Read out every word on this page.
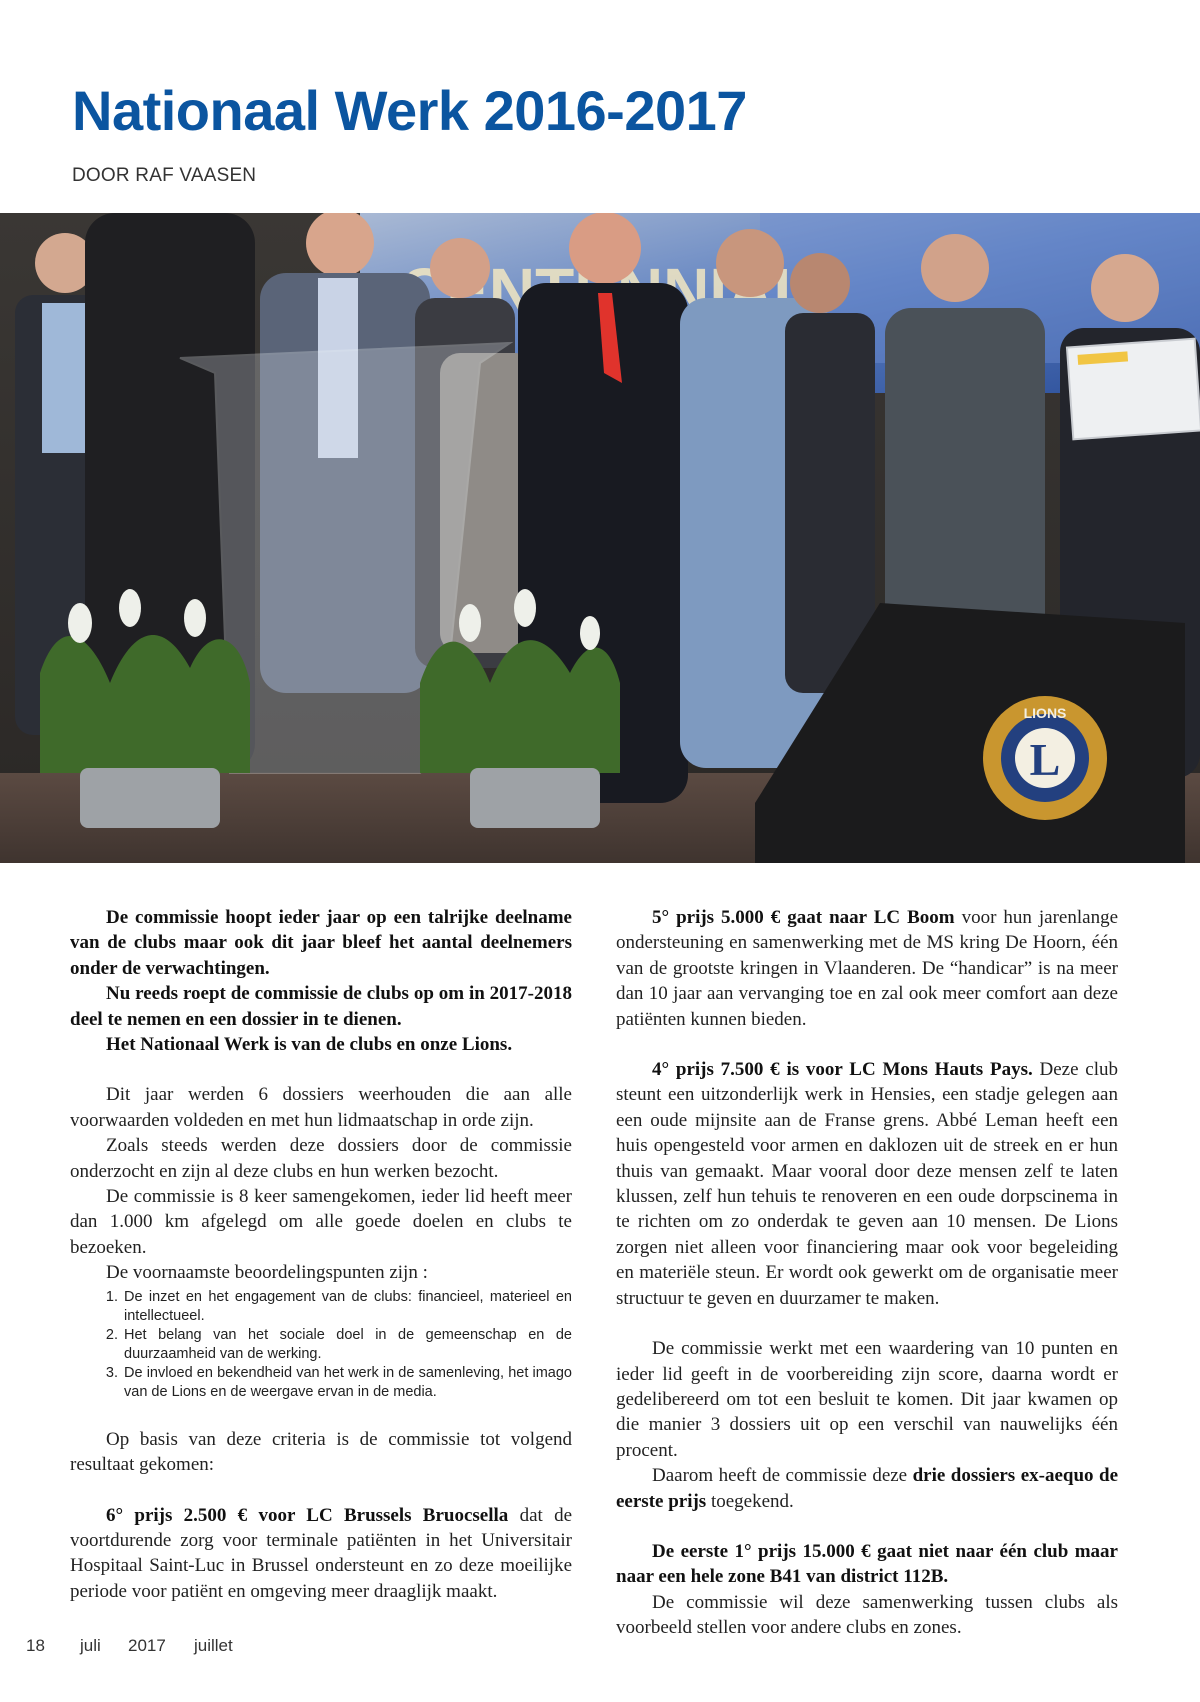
Nationaal Werk 2016-2017
DOOR RAF VAASEN
L
LIONS

De commissie hoopt ieder jaar op een talrijke deelname van de clubs maar ook dit jaar bleef het aantal deelnemers onder de verwachtingen.

Nu reeds roept de commissie de clubs op om in 2017-2018 deel te nemen en een dossier in te dienen.

Het Nationaal Werk is van de clubs en onze Lions.

Dit jaar werden 6 dossiers weerhouden die aan alle voorwaarden voldeden en met hun lidmaatschap in orde zijn.

Zoals steeds werden deze dossiers door de commissie onderzocht en zijn al deze clubs en hun werken bezocht.

De commissie is 8 keer samengekomen, ieder lid heeft meer dan 1.000 km afgelegd om alle goede doelen en clubs te bezoeken.

De voornaamste beoordelingspunten zijn :

1. De inzet en het engagement van de clubs: financieel, materieel en intellectueel.
2. Het belang van het sociale doel in de gemeenschap en de duurzaamheid van de werking.
3. De invloed en bekendheid van het werk in de samenleving, het imago van de Lions en de weergave ervan in de media.

Op basis van deze criteria is de commissie tot volgend resultaat gekomen:

6° prijs 2.500 € voor LC Brussels Bruocsella dat de voortdurende zorg voor terminale patiënten in het Universitair Hospitaal Saint-Luc in Brussel ondersteunt en zo deze moeilijke periode voor patiënt en omgeving meer draaglijk maakt.

5° prijs 5.000 € gaat naar LC Boom voor hun jarenlange ondersteuning en samenwerking met de MS kring De Hoorn, één van de grootste kringen in Vlaanderen. De “handicar” is na meer dan 10 jaar aan vervanging toe en zal ook meer comfort aan deze patiënten kunnen bieden.

4° prijs 7.500 € is voor LC Mons Hauts Pays. Deze club steunt een uitzonderlijk werk in Hensies, een stadje gelegen aan een oude mijnsite aan de Franse grens. Abbé Leman heeft een huis opengesteld voor armen en daklozen uit de streek en er hun thuis van gemaakt. Maar vooral door deze mensen zelf te laten klussen, zelf hun tehuis te renoveren en een oude dorpscinema in te richten om zo onderdak te geven aan 10 mensen. De Lions zorgen niet alleen voor financiering maar ook voor begeleiding en materiële steun. Er wordt ook gewerkt om de organisatie meer structuur te geven en duurzamer te maken.

De commissie werkt met een waardering van 10 punten en ieder lid geeft in de voorbereiding zijn score, daarna wordt er gedelibereerd om tot een besluit te komen. Dit jaar kwamen op die manier 3 dossiers uit op een verschil van nauwelijks één procent.

Daarom heeft de commissie deze drie dossiers ex-aequo de eerste prijs toegekend.

De eerste 1° prijs 15.000 € gaat niet naar één club maar naar een hele zone B41 van district 112B.

De commissie wil deze samenwerking tussen clubs als voorbeeld stellen voor andere clubs en zones.

18 juli 2017 juillet
